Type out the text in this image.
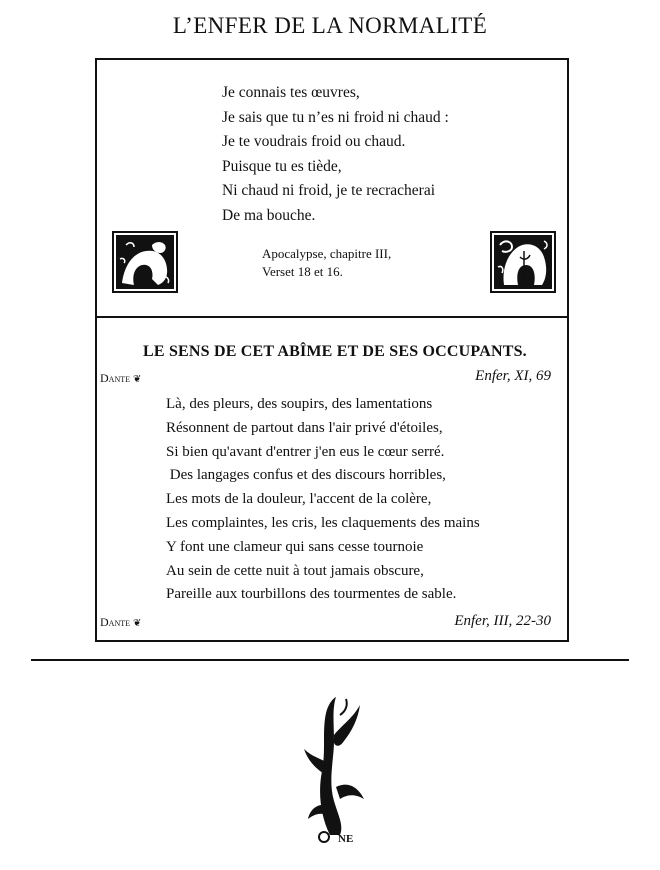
L’ENFER DE LA NORMALITÉ
Je connais tes œuvres,
Je sais que tu n’es ni froid ni chaud :
Je te voudrais froid ou chaud.
Puisque tu es tiède,
Ni chaud ni froid, je te recracherai
De ma bouche.
Apocalypse, chapitre III,
Verset 18 et 16.
LE SENS DE CET ABÎME ET DE SES OCCUPANTS.
Dante ❦	Enfer, XI, 69
Là, des pleurs, des soupirs, des lamentations
Résonnent de partout dans l'air privé d'étoiles,
Si bien qu'avant d'entrer j'en eus le cœur serré.
Des langages confus et des discours horribles,
Les mots de la douleur, l'accent de la colère,
Les complaintes, les cris, les claquements des mains
Y font une clameur qui sans cesse tournoie
Au sein de cette nuit à tout jamais obscure,
Pareille aux tourbillons des tourmentes de sable.
Dante ❦	Enfer, III, 22-30
NE
